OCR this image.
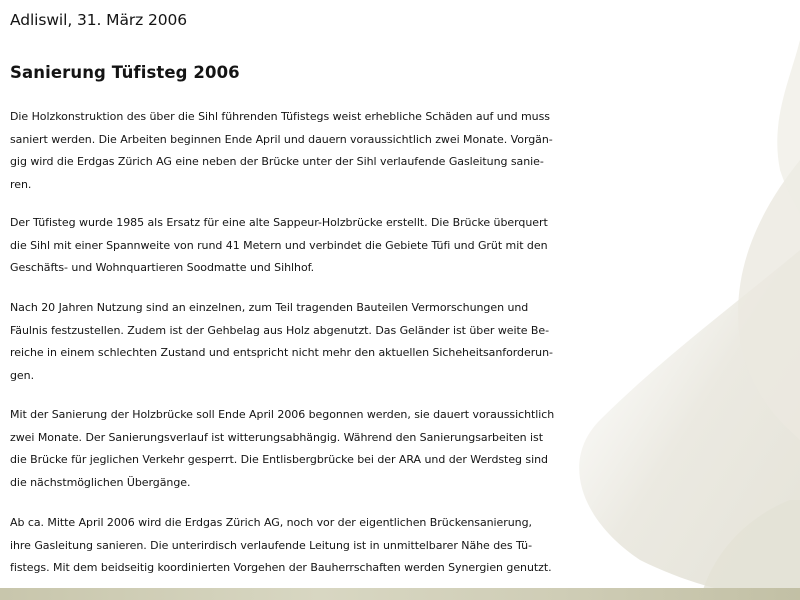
Adliswil, 31. März 2006
Sanierung Tüfisteg 2006
Die Holzkonstruktion des über die Sihl führenden Tüfistegs weist erhebliche Schäden auf und muss
saniert werden. Die Arbeiten beginnen Ende April und dauern voraussichtlich zwei Monate. Vorgän-
gig wird die Erdgas Zürich AG eine neben der Brücke unter der Sihl verlaufende Gasleitung sanie-
ren.
Der Tüfisteg wurde 1985 als Ersatz für eine alte Sappeur-Holzbrücke erstellt. Die Brücke überquert
die Sihl mit einer Spannweite von rund 41 Metern und verbindet die Gebiete Tüfi und Grüt mit den
Geschäfts- und Wohnquartieren Soodmatte und Sihlhof.
Nach 20 Jahren Nutzung sind an einzelnen, zum Teil tragenden Bauteilen Vermorschungen und
Fäulnis festzustellen. Zudem ist der Gehbelag aus Holz abgenutzt. Das Geländer ist über weite Be-
reiche in einem schlechten Zustand und entspricht nicht mehr den aktuellen Sicheheitsanforderun-
gen.
Mit der Sanierung der Holzbrücke soll Ende April 2006 begonnen werden, sie dauert voraussichtlich
zwei Monate. Der Sanierungsverlauf ist witterungsabhängig. Während den Sanierungsarbeiten ist
die Brücke für jeglichen Verkehr gesperrt. Die Entlisbergbrücke bei der ARA und der Werdsteg sind
die nächstmöglichen Übergänge.
Ab ca. Mitte April 2006 wird die Erdgas Zürich AG, noch vor der eigentlichen Brückensanierung,
ihre Gasleitung sanieren. Die unterirdisch verlaufende Leitung ist in unmittelbarer Nähe des Tü-
fistegs. Mit dem beidseitig koordinierten Vorgehen der Bauherrschaften werden Synergien genutzt.
